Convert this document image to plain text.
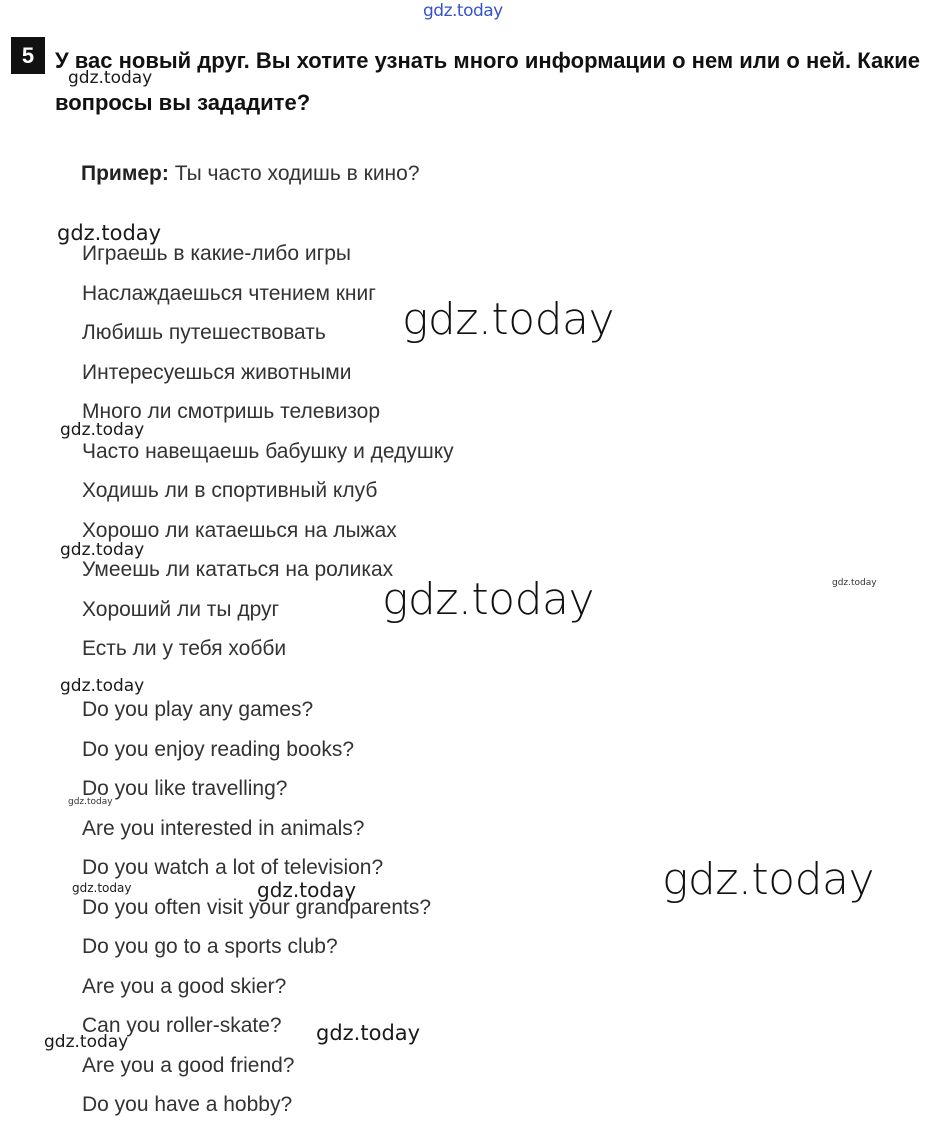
gdz.today
gdz.today
gdz.today
gdz.today
gdz.today
gdz.today
gdz.today	gdz.today
gdz.today
gdz.today
gdz.today
gdz.today	gdz.today
gdz.today
gdz.today
5 У вас новый друг. Вы хотите узнать много информации о нем или о ней. Какие вопросы вы зададите?
Пример: Ты часто ходишь в кино?
Играешь в какие-либо игры
Наслаждаешься чтением книг
Любишь путешествовать
Интересуешься животными
Много ли смотришь телевизор
Часто навещаешь бабушку и дедушку
Ходишь ли в спортивный клуб
Хорошо ли катаешься на лыжах
Умеешь ли кататься на роликах
Хороший ли ты друг
Есть ли у тебя хобби
Do you play any games?
Do you enjoy reading books?
Do you like travelling?
Are you interested in animals?
Do you watch a lot of television?
Do you often visit your grandparents?
Do you go to a sports club?
Are you a good skier?
Can you roller-skate?
Are you a good friend?
Do you have a hobby?
